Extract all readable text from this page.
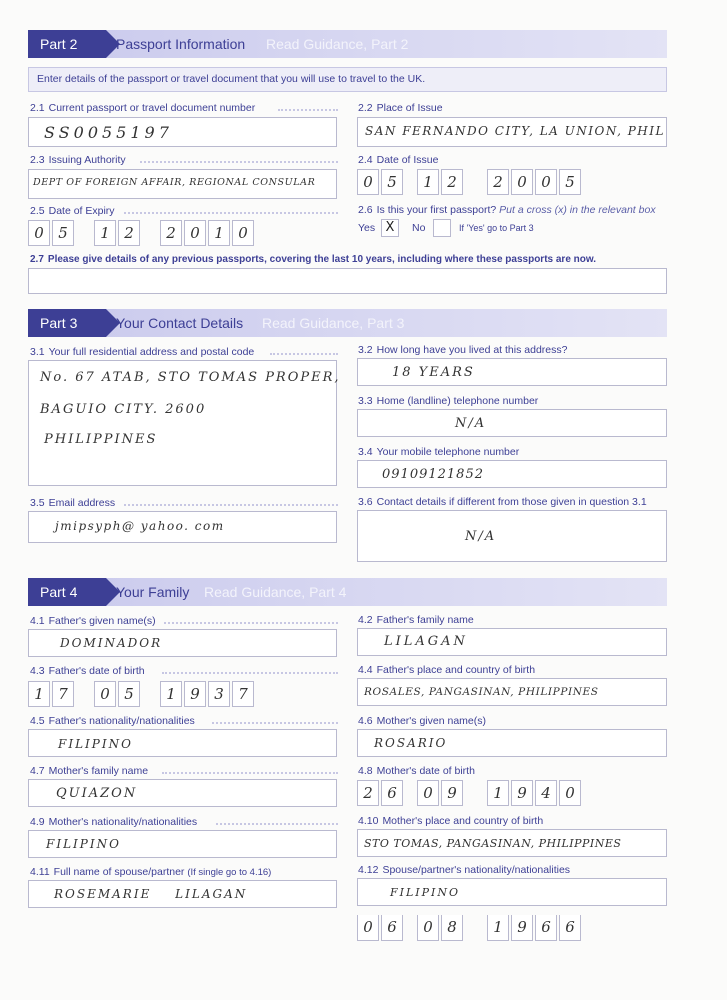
Part 2	Passport Information Read Guidance, Part 2
Enter details of the passport or travel document that you will use to travel to the UK.
2.1 Current passport or travel document number
SS0055197
2.2 Place of Issue
SAN FERNANDO CITY, LA UNION, PHIL
2.3 Issuing Authority
DEPT OF FOREIGN AFFAIR, REGIONAL CONSULAR
2.4 Date of Issue
0 5	1 2	2 0 0 5
2.5 Date of Expiry
0 5	1 2	2 0 1 0
2.6 Is this your first passport? Put a cross (x) in the relevant box
Yes X	No	If 'Yes' go to Part 3
2.7 Please give details of any previous passports, covering the last 10 years, including where these passports are now.
Part 3	Your Contact Details Read Guidance, Part 3
3.1 Your full residential address and postal code
No. 67 ATAB, STO TOMAS PROPER,
BAGUIO CITY. 2600
PHILIPPINES
3.2 How long have you lived at this address?
18 YEARS
3.3 Home (landline) telephone number
N/A
3.4 Your mobile telephone number
09109121852
3.5 Email address
jmipsyph@ yahoo. com
3.6 Contact details if different from those given in question 3.1
N/A
Part 4	Your Family Read Guidance, Part 4
4.1 Father's given name(s)
DOMINADOR
4.2 Father's family name
LILAGAN
4.3 Father's date of birth
1 7	0 5	1 9 3 7
4.4 Father's place and country of birth
ROSALES, PANGASINAN, PHILIPPINES
4.5 Father's nationality/nationalities
FILIPINO
4.6 Mother's given name(s)
ROSARIO
4.7 Mother's family name
QUIAZON
4.8 Mother's date of birth
2 6	0 9	1 9 4 0
4.9 Mother's nationality/nationalities
FILIPINO
4.10 Mother's place and country of birth
STO TOMAS, PANGASINAN, PHILIPPINES
4.11 Full name of spouse/partner (If single go to 4.16)
ROSEMARIE LILAGAN
4.12 Spouse/partner's nationality/nationalities
FILIPINO
0 6	0 8	1 9 6 6
